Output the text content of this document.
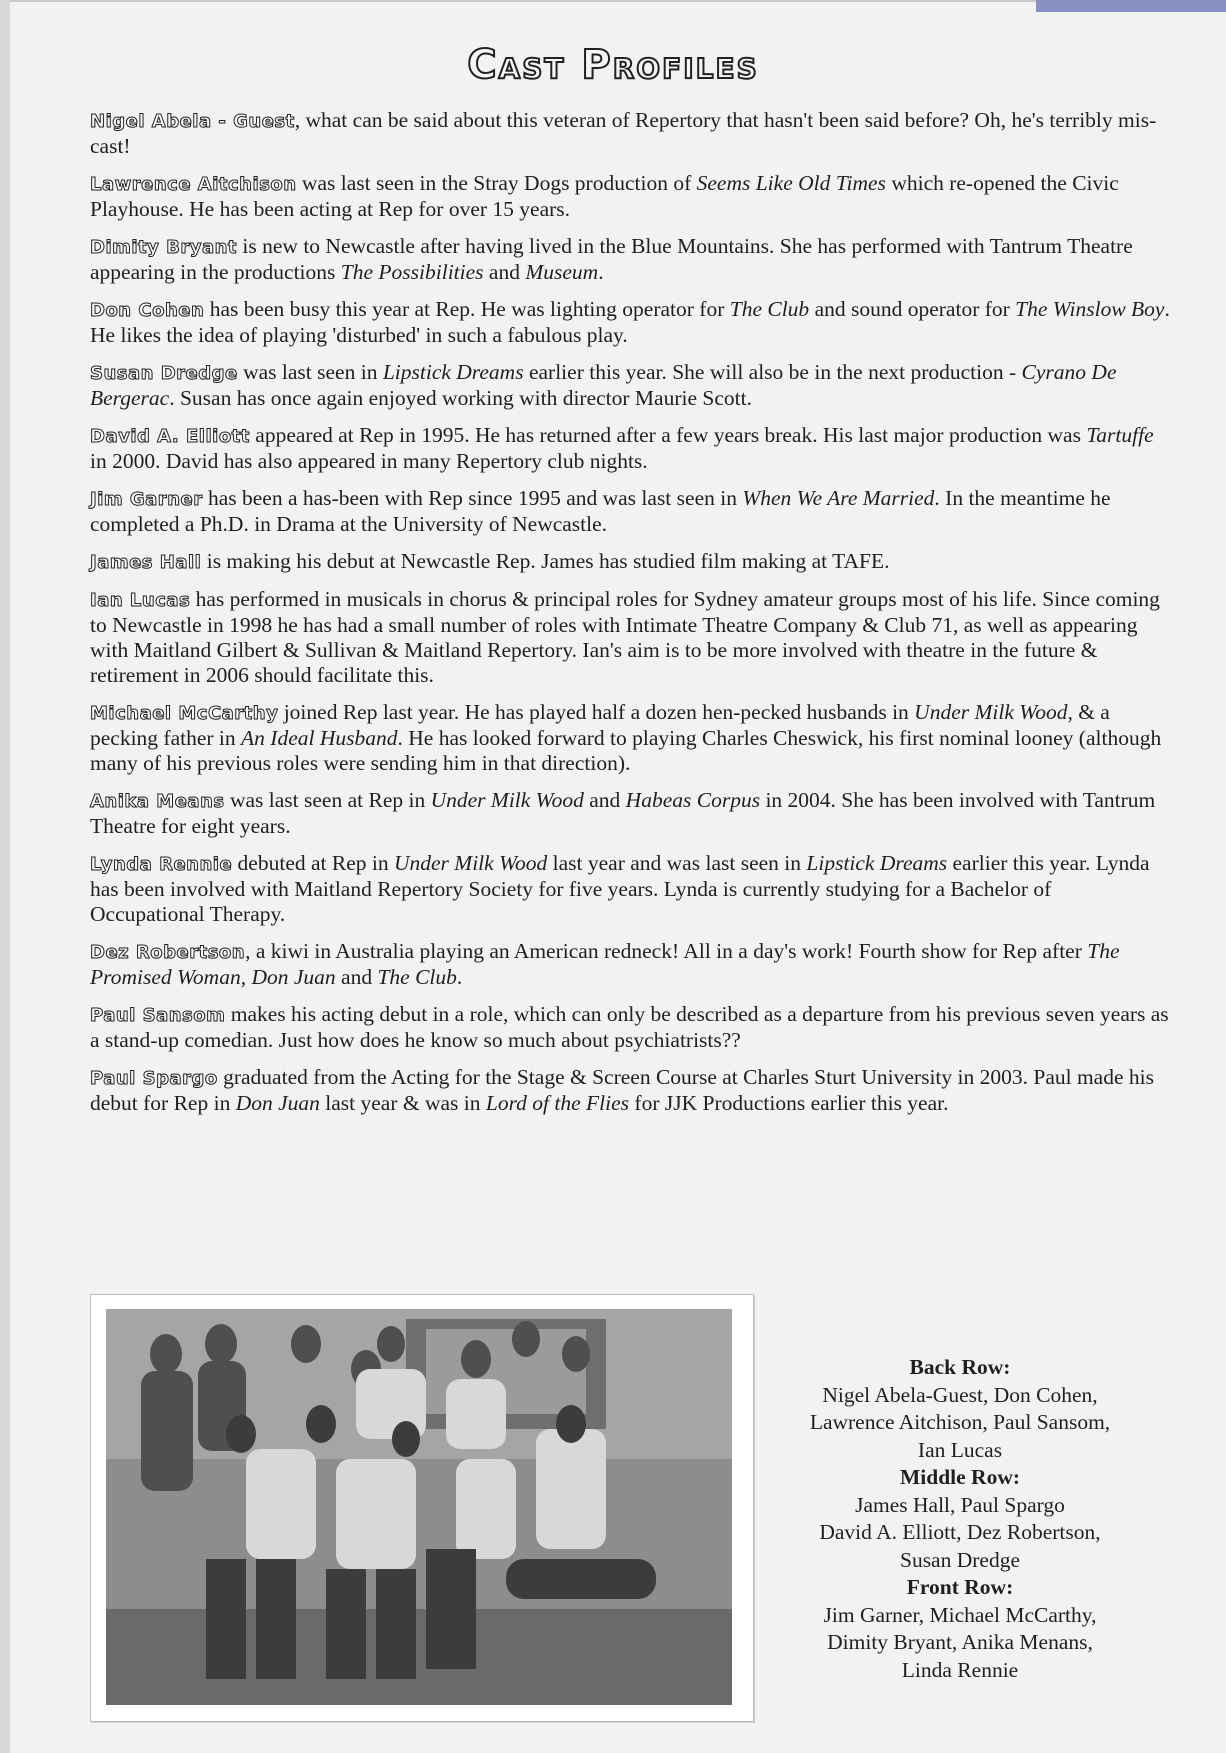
Cast Profiles

Nigel Abela - Guest, what can be said about this veteran of Repertory that hasn't been said before? Oh, he's terribly mis-cast!

Lawrence Aitchison was last seen in the Stray Dogs production of Seems Like Old Times which re-opened the Civic Playhouse. He has been acting at Rep for over 15 years.

Dimity Bryant is new to Newcastle after having lived in the Blue Mountains. She has performed with Tantrum Theatre appearing in the productions The Possibilities and Museum.

Don Cohen has been busy this year at Rep. He was lighting operator for The Club and sound operator for The Winslow Boy. He likes the idea of playing 'disturbed' in such a fabulous play.

Susan Dredge was last seen in Lipstick Dreams earlier this year. She will also be in the next production - Cyrano De Bergerac. Susan has once again enjoyed working with director Maurie Scott.

David A. Elliott appeared at Rep in 1995. He has returned after a few years break. His last major production was Tartuffe in 2000. David has also appeared in many Repertory club nights.

Jim Garner has been a has-been with Rep since 1995 and was last seen in When We Are Married. In the meantime he completed a Ph.D. in Drama at the University of Newcastle.

James Hall is making his debut at Newcastle Rep. James has studied film making at TAFE.

Ian Lucas has performed in musicals in chorus & principal roles for Sydney amateur groups most of his life. Since coming to Newcastle in 1998 he has had a small number of roles with Intimate Theatre Company & Club 71, as well as appearing with Maitland Gilbert & Sullivan & Maitland Repertory. Ian's aim is to be more involved with theatre in the future & retirement in 2006 should facilitate this.

Michael McCarthy joined Rep last year. He has played half a dozen hen-pecked husbands in Under Milk Wood, & a pecking father in An Ideal Husband. He has looked forward to playing Charles Cheswick, his first nominal looney (although many of his previous roles were sending him in that direction).

Anika Means was last seen at Rep in Under Milk Wood and Habeas Corpus in 2004. She has been involved with Tantrum Theatre for eight years.

Lynda Rennie debuted at Rep in Under Milk Wood last year and was last seen in Lipstick Dreams earlier this year. Lynda has been involved with Maitland Repertory Society for five years. Lynda is currently studying for a Bachelor of Occupational Therapy.

Dez Robertson, a kiwi in Australia playing an American redneck! All in a day's work! Fourth show for Rep after The Promised Woman, Don Juan and The Club.

Paul Sansom makes his acting debut in a role, which can only be described as a departure from his previous seven years as a stand-up comedian. Just how does he know so much about psychiatrists??

Paul Spargo graduated from the Acting for the Stage & Screen Course at Charles Sturt University in 2003. Paul made his debut for Rep in Don Juan last year & was in Lord of the Flies for JJK Productions earlier this year.

Back Row:
Nigel Abela-Guest, Don Cohen,
Lawrence Aitchison, Paul Sansom,
Ian Lucas
Middle Row:
James Hall, Paul Spargo
David A. Elliott, Dez Robertson,
Susan Dredge
Front Row:
Jim Garner, Michael McCarthy,
Dimity Bryant, Anika Menans,
Linda Rennie
